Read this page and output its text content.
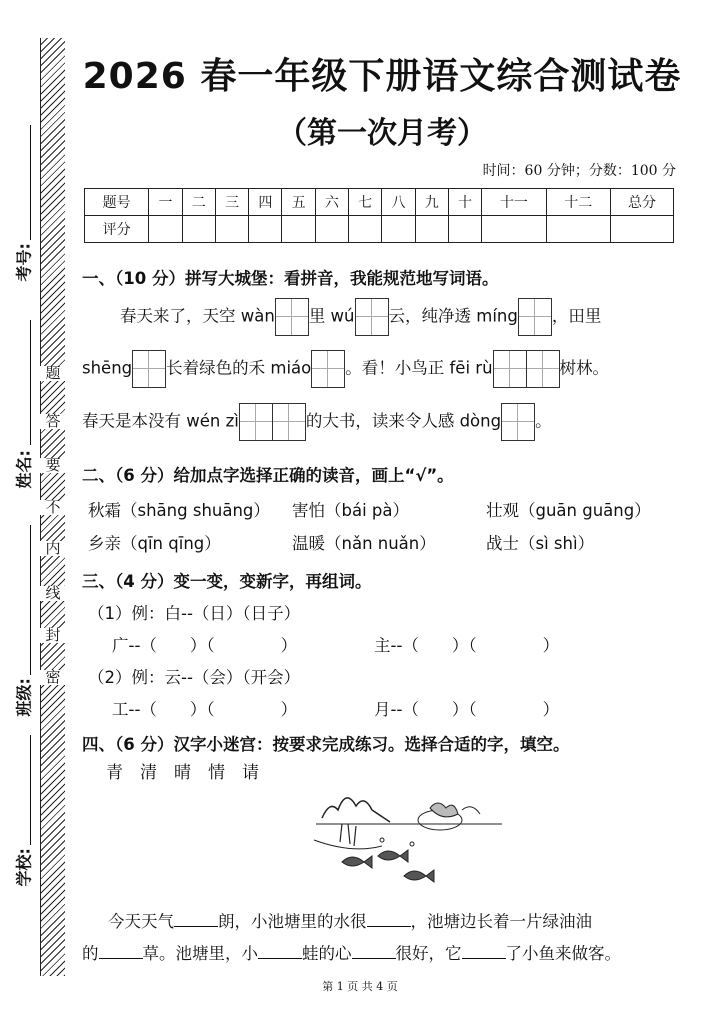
题
答
要
不
内
线
封
密
考号:
姓名:
班级:
学校:
2026 春一年级下册语文综合测试卷
（第一次月考）
时间：60 分钟；分数：100 分
题号	一	二	三	四	五	六	七	八	九	十	十一	十二	总分
评分													
一、（10 分）拼写大城堡：看拼音，我能规范地写词语。
春天来了，天空 wàn 里 wú 云，纯净透 míng ，田里
shēng 长着绿色的禾 miáo 。看！小鸟正 fēi rù	树林。
春天是本没有 wén zì	的大书，读来令人感 dòng 。
二、（6 分）给加点字选择正确的读音，画上“√”。
秋霜（shāng shuāng） 害怕（bái pà）	壮观（guān guāng）
乡亲（qīn qīng）	温暖（nǎn nuǎn）	战士（sì shì）
三、（4 分）变一变，变新字，再组词。
（1）例：白--（日）（日子）
广--（　　）（　　　　）	主--（　　）（　　　　）
（2）例：云--（会）（开会）
工--（　　）（　　　　）	月--（　　）（　　　　）
四、（6 分）汉字小迷宫：按要求完成练习。选择合适的字，填空。
青　清　晴　情　请
今天天气	朗，小池塘里的水很	，池塘边长着一片绿油油
的	草。池塘里，小	蛙的心	很好，它	了小鱼来做客。
第 1 页 共 4 页
